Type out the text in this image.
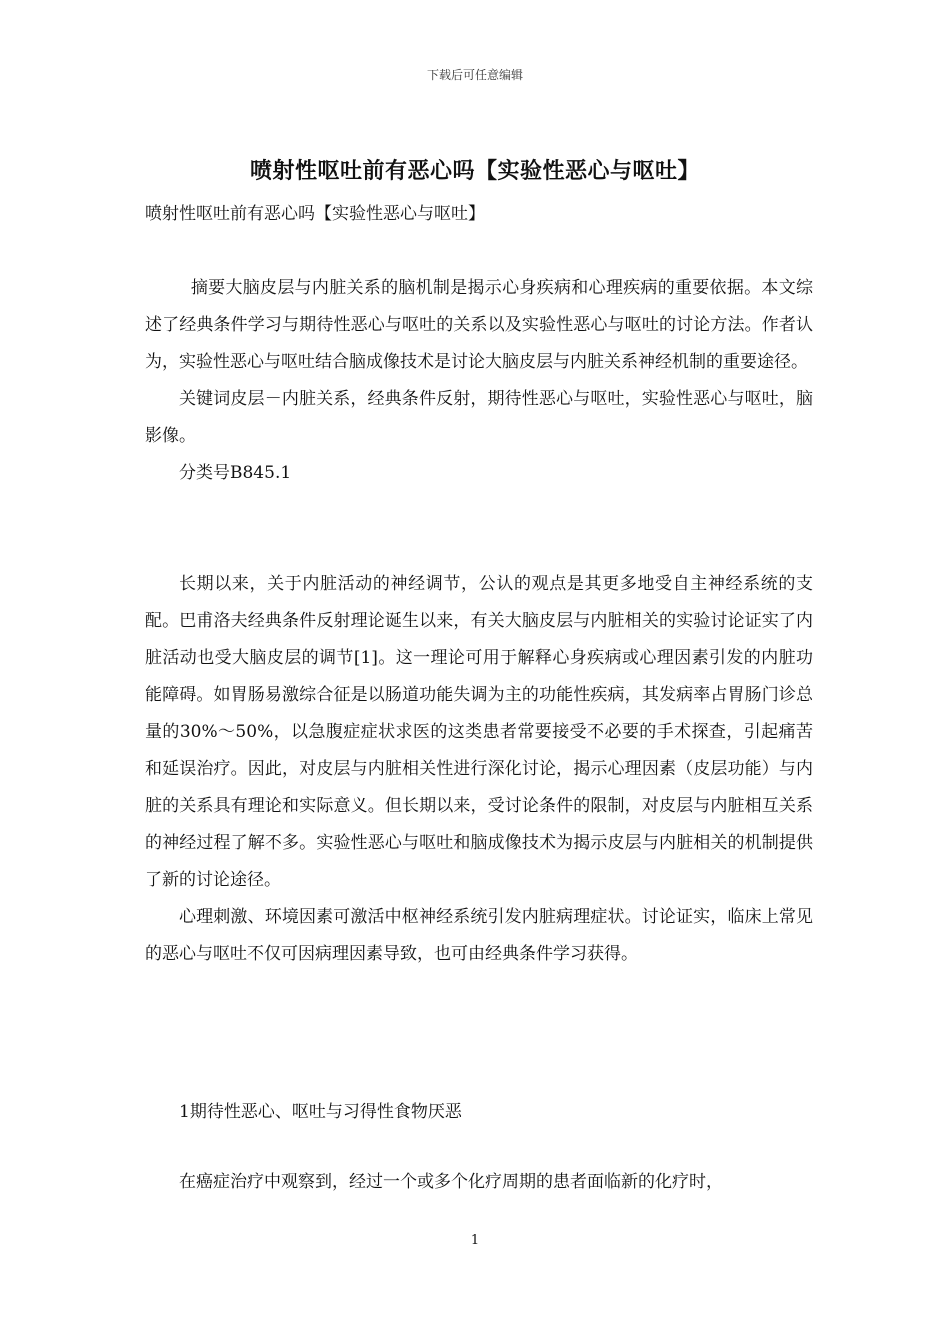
下载后可任意编辑
喷射性呕吐前有恶心吗【实验性恶心与呕吐】

喷射性呕吐前有恶心吗【实验性恶心与呕吐】

摘要大脑皮层与内脏关系的脑机制是揭示心身疾病和心理疾病的重要依据。本文综述了经典条件学习与期待性恶心与呕吐的关系以及实验性恶心与呕吐的讨论方法。作者认为，实验性恶心与呕吐结合脑成像技术是讨论大脑皮层与内脏关系神经机制的重要途径。

关键词皮层－内脏关系，经典条件反射，期待性恶心与呕吐，实验性恶心与呕吐，脑影像。

分类号B845.1

长期以来，关于内脏活动的神经调节，公认的观点是其更多地受自主神经系统的支配。巴甫洛夫经典条件反射理论诞生以来，有关大脑皮层与内脏相关的实验讨论证实了内脏活动也受大脑皮层的调节[1]。这一理论可用于解释心身疾病或心理因素引发的内脏功能障碍。如胃肠易激综合征是以肠道功能失调为主的功能性疾病，其发病率占胃肠门诊总量的30%～50%，以急腹症症状求医的这类患者常要接受不必要的手术探查，引起痛苦和延误治疗。因此，对皮层与内脏相关性进行深化讨论，揭示心理因素（皮层功能）与内脏的关系具有理论和实际意义。但长期以来，受讨论条件的限制，对皮层与内脏相互关系的神经过程了解不多。实验性恶心与呕吐和脑成像技术为揭示皮层与内脏相关的机制提供了新的讨论途径。

心理刺激、环境因素可激活中枢神经系统引发内脏病理症状。讨论证实，临床上常见的恶心与呕吐不仅可因病理因素导致，也可由经典条件学习获得。

1期待性恶心、呕吐与习得性食物厌恶

在癌症治疗中观察到，经过一个或多个化疗周期的患者面临新的化疗时，

1
